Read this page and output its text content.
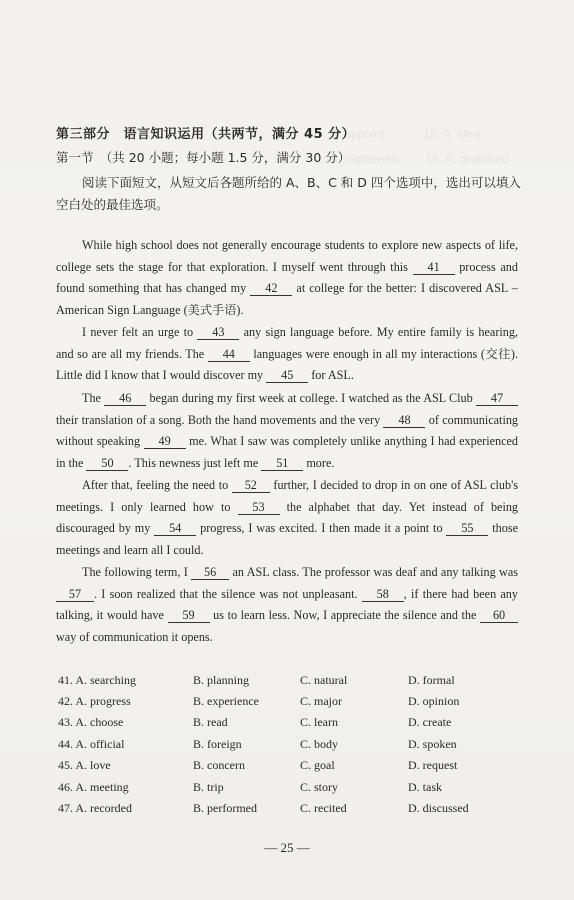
B. appoint　　　 15. A. idea
B. frightened　　 16. A. disturbed
第三部分　语言知识运用（共两节，满分 45 分）
第一节　（共 20 小题；每小题 1.5 分，满分 30 分）
阅读下面短文，从短文后各题所给的 A、B、C 和 D 四个选项中，选出可以填入空白处的最佳选项。
While high school does not generally encourage students to explore new aspects of life, college sets the stage for that exploration. I myself went through this 41 process and found something that has changed my 42 at college for the better: I discovered ASL – American Sign Language (美式手语).
I never felt an urge to 43 any sign language before. My entire family is hearing, and so are all my friends. The 44 languages were enough in all my interactions (交往). Little did I know that I would discover my 45 for ASL.
The 46 began during my first week at college. I watched as the ASL Club 47 their translation of a song. Both the hand movements and the very 48 of communicating without speaking 49 me. What I saw was completely unlike anything I had experienced in the 50 . This newness just left me 51 more.
After that, feeling the need to 52 further, I decided to drop in on one of ASL club's meetings. I only learned how to 53 the alphabet that day. Yet instead of being discouraged by my 54 progress, I was excited. I then made it a point to 55 those meetings and learn all I could.
The following term, I 56 an ASL class. The professor was deaf and any talking was 57 . I soon realized that the silence was not unpleasant. 58 , if there had been any talking, it would have 59 us to learn less. Now, I appreciate the silence and the 60 way of communication it opens.
41. A. searching	B. planning	C. natural	D. formal
42. A. progress	B. experience	C. major	D. opinion
43. A. choose	B. read	C. learn	D. create
44. A. official	B. foreign	C. body	D. spoken
45. A. love	B. concern	C. goal	D. request
46. A. meeting	B. trip	C. story	D. task
47. A. recorded	B. performed	C. recited	D. discussed
— 25 —
